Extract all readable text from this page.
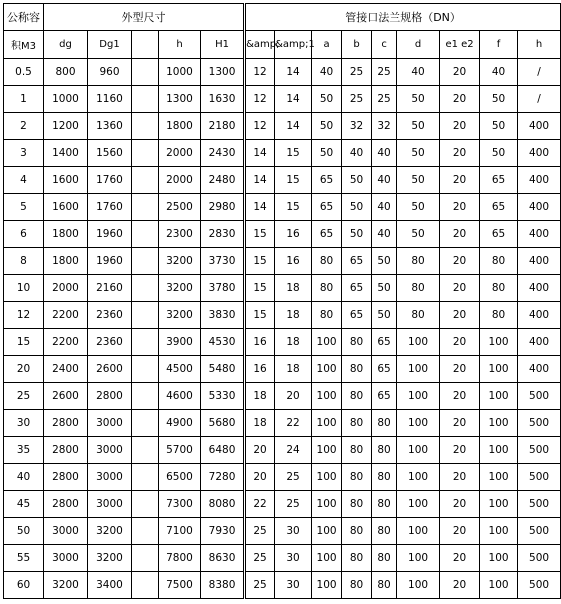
公称容	外型尺寸					管接口法兰规格（DN）								
积M3	dg	Dg1		h	H1	&amp;	&amp;1	a	b	c	d	e1 e2	f	h
0.5	800	960		1000	1300	12	14	40	25	25	40	20	40	/
1	1000	1160		1300	1630	12	14	50	25	25	50	20	50	/
2	1200	1360		1800	2180	12	14	50	32	32	50	20	50	400
3	1400	1560		2000	2430	14	15	50	40	40	50	20	50	400
4	1600	1760		2000	2480	14	15	65	50	40	50	20	65	400
5	1600	1760		2500	2980	14	15	65	50	40	50	20	65	400
6	1800	1960		2300	2830	15	16	65	50	40	50	20	65	400
8	1800	1960		3200	3730	15	16	80	65	50	80	20	80	400
10	2000	2160		3200	3780	15	18	80	65	50	80	20	80	400
12	2200	2360		3200	3830	15	18	80	65	50	80	20	80	400
15	2200	2360		3900	4530	16	18	100	80	65	100	20	100	400
20	2400	2600		4500	5480	16	18	100	80	65	100	20	100	400
25	2600	2800		4600	5330	18	20	100	80	65	100	20	100	500
30	2800	3000		4900	5680	18	22	100	80	80	100	20	100	500
35	2800	3000		5700	6480	20	24	100	80	80	100	20	100	500
40	2800	3000		6500	7280	20	25	100	80	80	100	20	100	500
45	2800	3000		7300	8080	22	25	100	80	80	100	20	100	500
50	3000	3200		7100	7930	25	30	100	80	80	100	20	100	500
55	3000	3200		7800	8630	25	30	100	80	80	100	20	100	500
60	3200	3400		7500	8380	25	30	100	80	80	100	20	100	500
